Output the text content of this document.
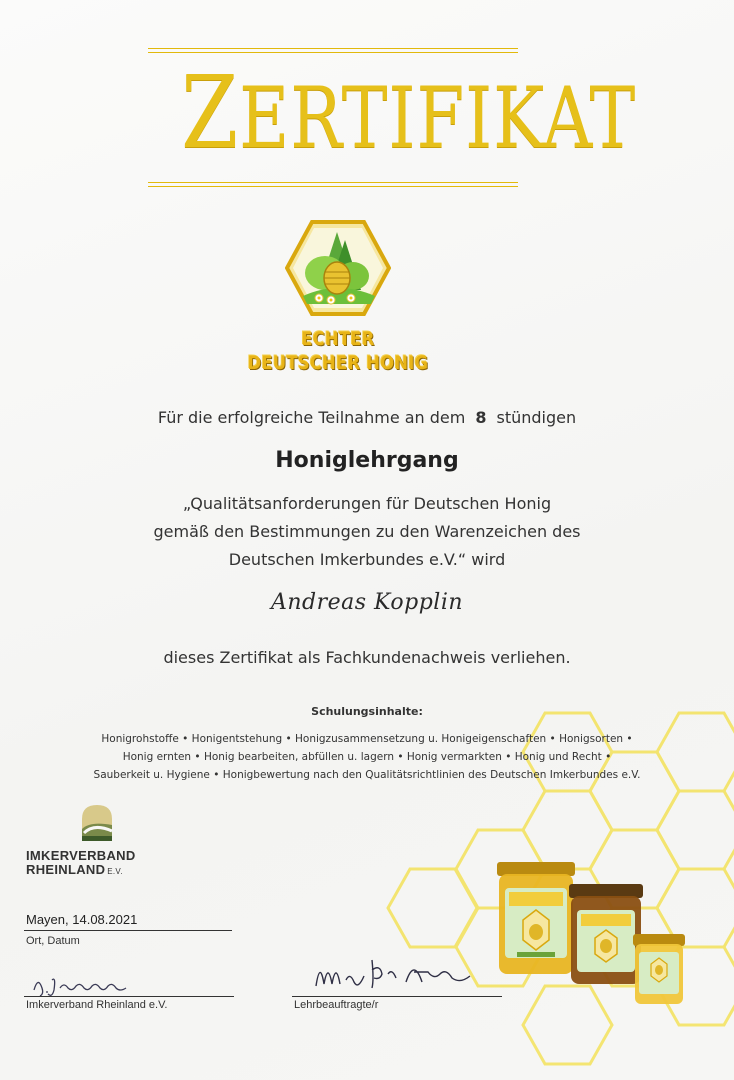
ZERTIFIKAT
ECHTER
DEUTSCHER HONIG
Für die erfolgreiche Teilnahme an dem 8 stündigen
Honiglehrgang
„Qualitätsanforderungen für Deutschen Honig
gemäß den Bestimmungen zu den Warenzeichen des
Deutschen Imkerbundes e.V.“ wird
Andreas Kopplin
dieses Zertifikat als Fachkundenachweis verliehen.
Schulungsinhalte:
Honigrohstoffe • Honigentstehung • Honigzusammensetzung u. Honigeigenschaften • Honigsorten •
Honig ernten • Honig bearbeiten, abfüllen u. lagern • Honig vermarkten • Honig und Recht •
Sauberkeit u. Hygiene • Honigbewertung nach den Qualitätsrichtlinien des Deutschen Imkerbundes e.V.
IMKERVERBAND
RHEINLAND E.V.
Mayen, 14.08.2021
Ort, Datum
Imkerverband Rheinland e.V.	Lehrbeauftragte/r
